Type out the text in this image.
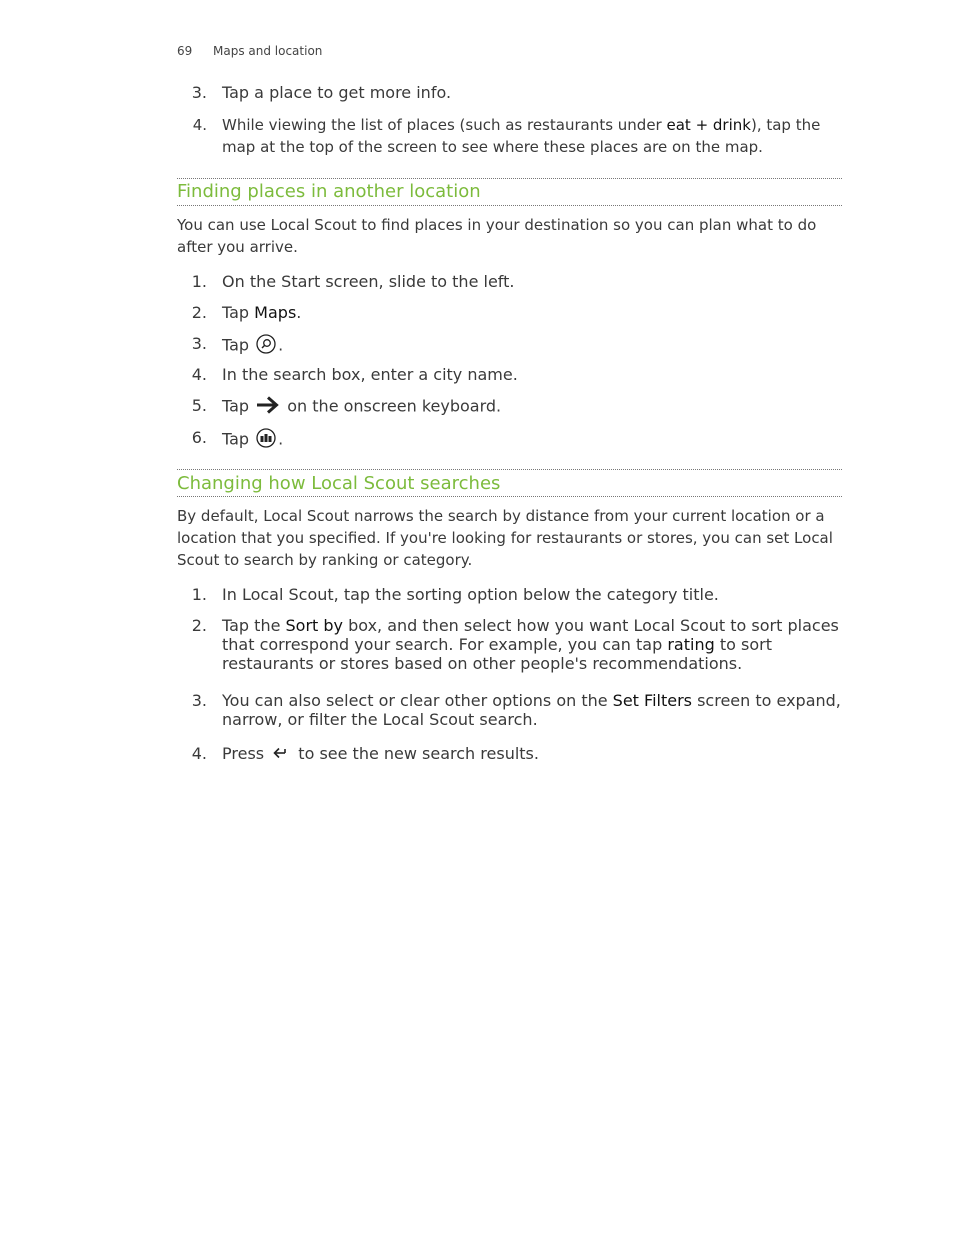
69 Maps and location
3. Tap a place to get more info.
4. While viewing the list of places (such as restaurants under eat + drink), tap the map at the top of the screen to see where these places are on the map.
Finding places in another location
You can use Local Scout to find places in your destination so you can plan what to do after you arrive.
1. On the Start screen, slide to the left.
2. Tap Maps.
3. Tap .
4. In the search box, enter a city name.
5. Tap  on the onscreen keyboard.
6. Tap .
Changing how Local Scout searches
By default, Local Scout narrows the search by distance from your current location or a location that you specified. If you're looking for restaurants or stores, you can set Local Scout to search by ranking or category.
1. In Local Scout, tap the sorting option below the category title.
2. Tap the Sort by box, and then select how you want Local Scout to sort places that correspond your search. For example, you can tap rating to sort restaurants or stores based on other people's recommendations.
3. You can also select or clear other options on the Set Filters screen to expand, narrow, or filter the Local Scout search.
4. Press  to see the new search results.
